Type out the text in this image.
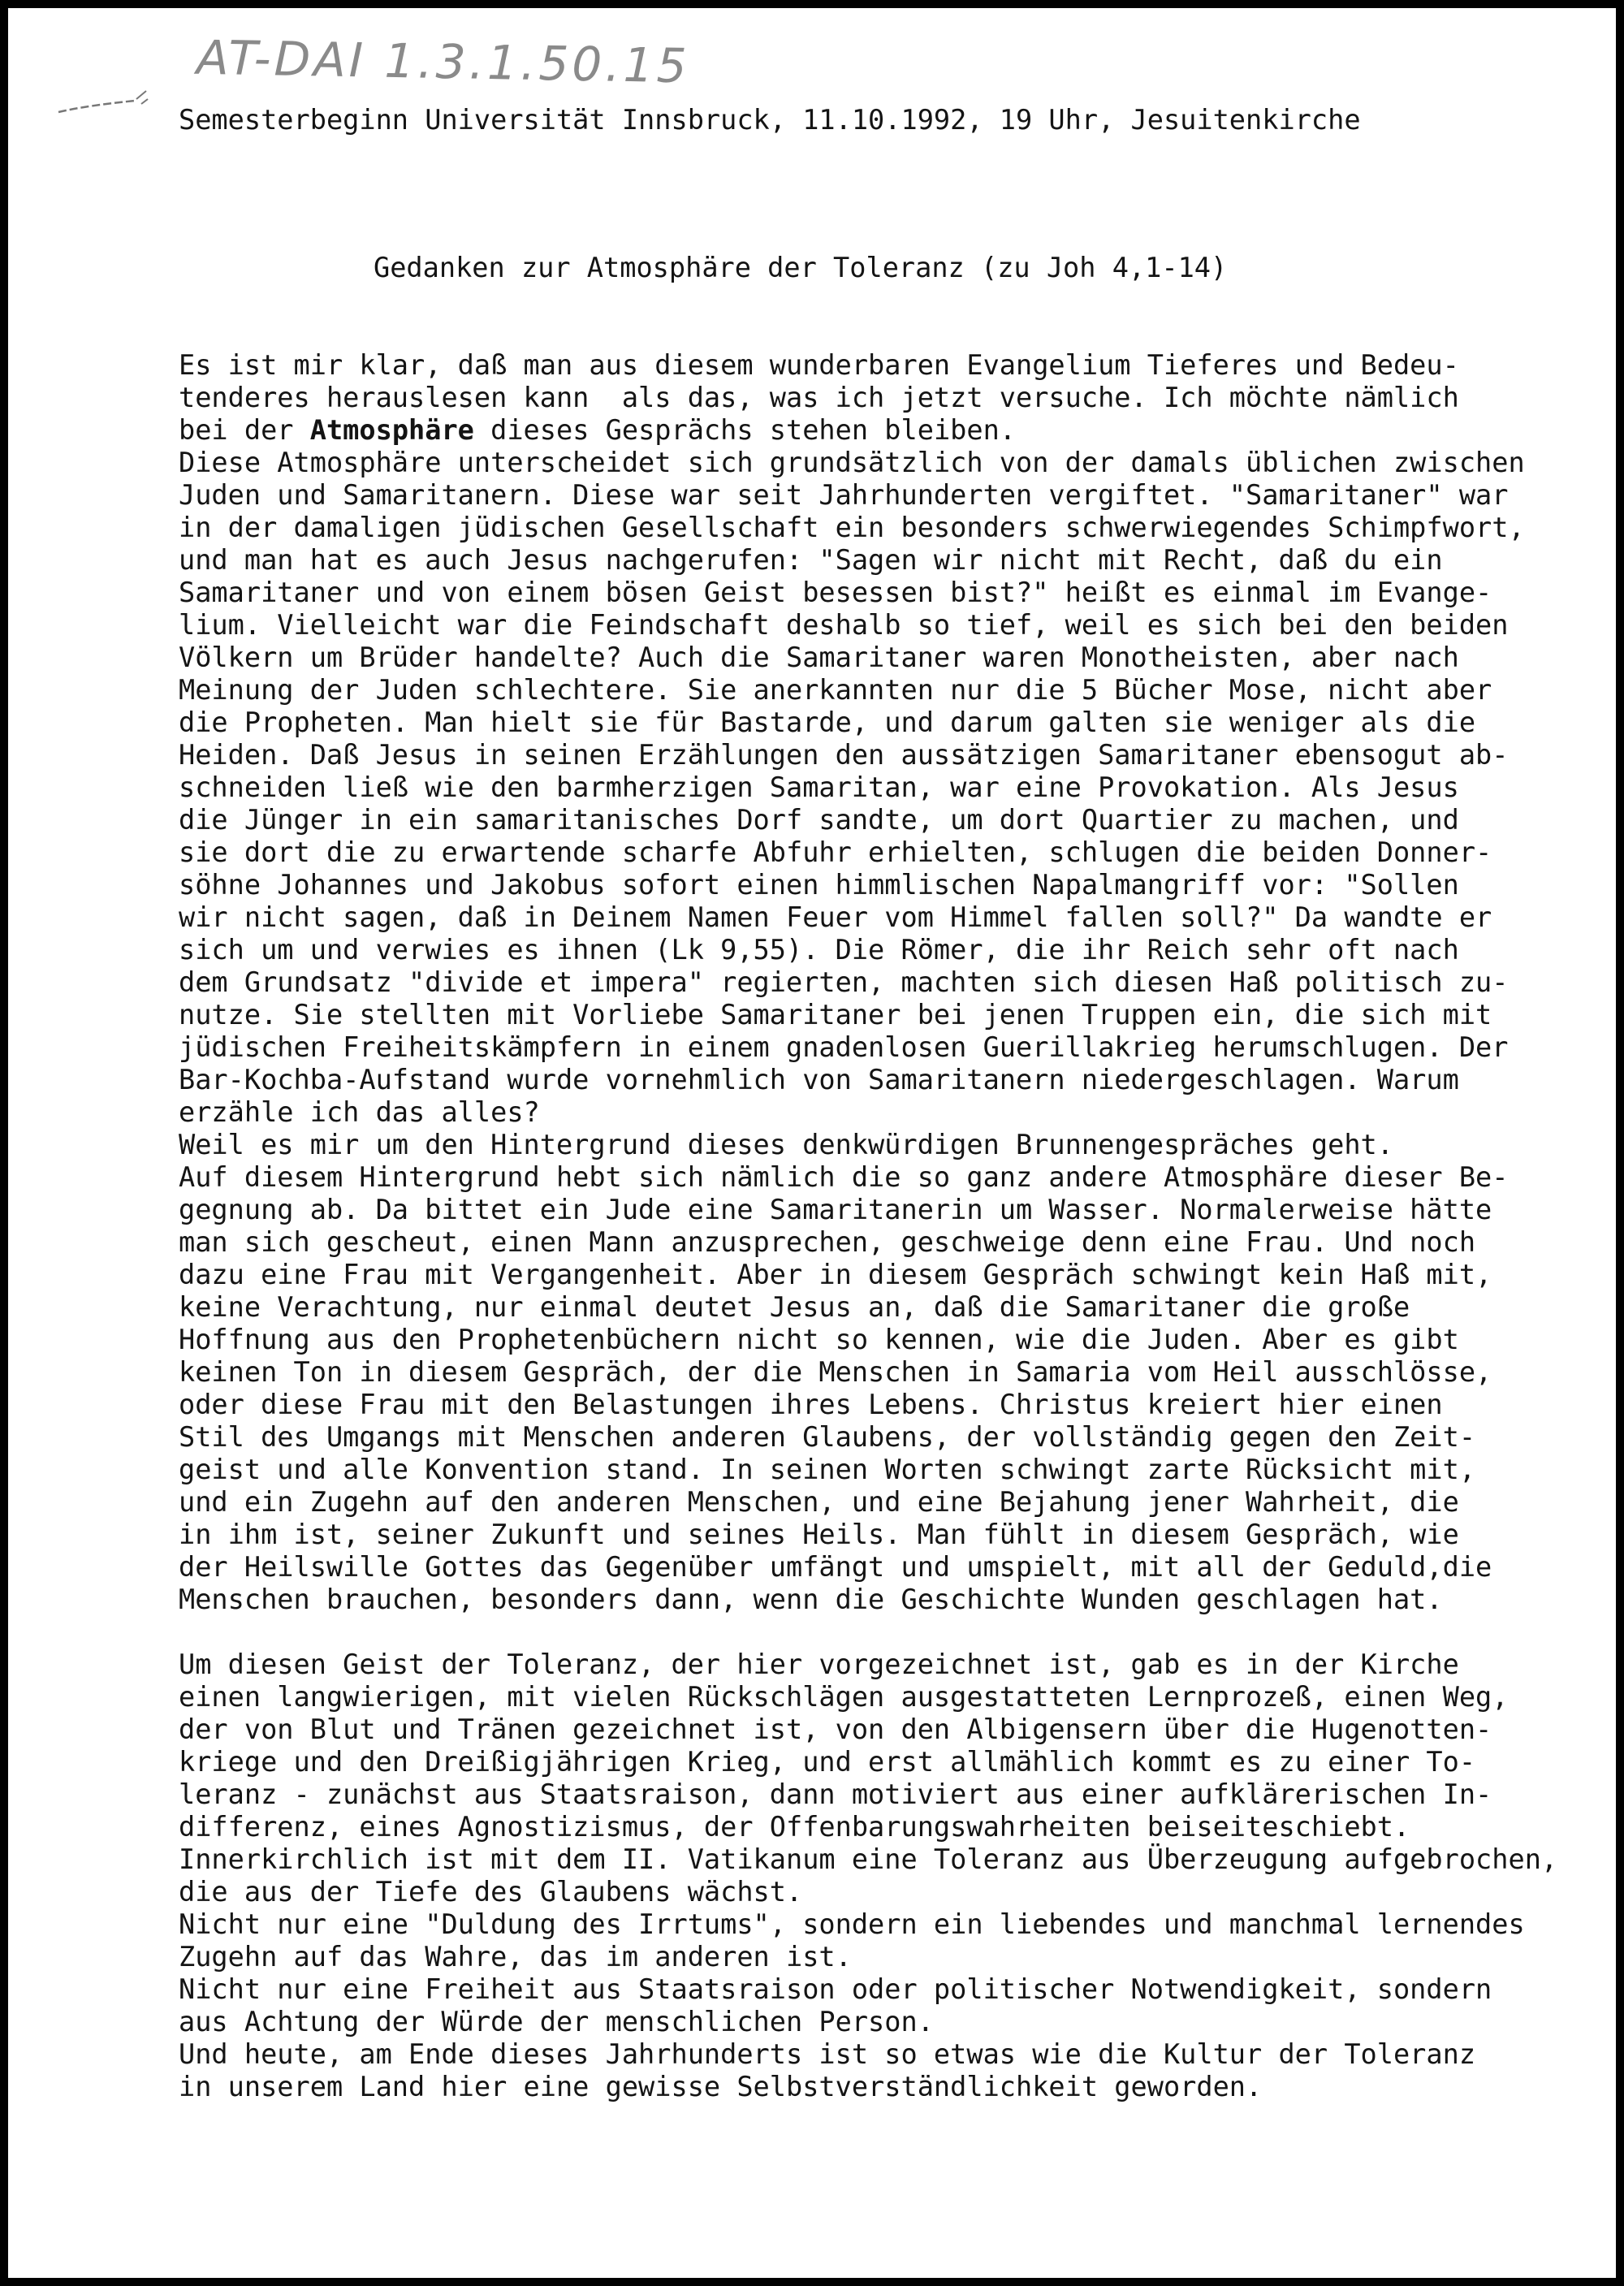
AT-DAI 1.3.1.50.15
Semesterbeginn Universität Innsbruck, 11.10.1992, 19 Uhr, Jesuitenkirche
Gedanken zur Atmosphäre der Toleranz (zu Joh 4,1-14)
Es ist mir klar, daß man aus diesem wunderbaren Evangelium Tieferes und Bedeu-
tenderes herauslesen kann  als das, was ich jetzt versuche. Ich möchte nämlich
bei der Atmosphäre dieses Gesprächs stehen bleiben.
Diese Atmosphäre unterscheidet sich grundsätzlich von der damals üblichen zwischen
Juden und Samaritanern. Diese war seit Jahrhunderten vergiftet. "Samaritaner" war
in der damaligen jüdischen Gesellschaft ein besonders schwerwiegendes Schimpfwort,
und man hat es auch Jesus nachgerufen: "Sagen wir nicht mit Recht, daß du ein
Samaritaner und von einem bösen Geist besessen bist?" heißt es einmal im Evange-
lium. Vielleicht war die Feindschaft deshalb so tief, weil es sich bei den beiden
Völkern um Brüder handelte? Auch die Samaritaner waren Monotheisten, aber nach
Meinung der Juden schlechtere. Sie anerkannten nur die 5 Bücher Mose, nicht aber
die Propheten. Man hielt sie für Bastarde, und darum galten sie weniger als die
Heiden. Daß Jesus in seinen Erzählungen den aussätzigen Samaritaner ebensogut ab-
schneiden ließ wie den barmherzigen Samaritan, war eine Provokation. Als Jesus
die Jünger in ein samaritanisches Dorf sandte, um dort Quartier zu machen, und
sie dort die zu erwartende scharfe Abfuhr erhielten, schlugen die beiden Donner-
söhne Johannes und Jakobus sofort einen himmlischen Napalmangriff vor: "Sollen
wir nicht sagen, daß in Deinem Namen Feuer vom Himmel fallen soll?" Da wandte er
sich um und verwies es ihnen (Lk 9,55). Die Römer, die ihr Reich sehr oft nach
dem Grundsatz "divide et impera" regierten, machten sich diesen Haß politisch zu-
nutze. Sie stellten mit Vorliebe Samaritaner bei jenen Truppen ein, die sich mit
jüdischen Freiheitskämpfern in einem gnadenlosen Guerillakrieg herumschlugen. Der
Bar-Kochba-Aufstand wurde vornehmlich von Samaritanern niedergeschlagen. Warum
erzähle ich das alles?
Weil es mir um den Hintergrund dieses denkwürdigen Brunnengespräches geht.
Auf diesem Hintergrund hebt sich nämlich die so ganz andere Atmosphäre dieser Be-
gegnung ab. Da bittet ein Jude eine Samaritanerin um Wasser. Normalerweise hätte
man sich gescheut, einen Mann anzusprechen, geschweige denn eine Frau. Und noch
dazu eine Frau mit Vergangenheit. Aber in diesem Gespräch schwingt kein Haß mit,
keine Verachtung, nur einmal deutet Jesus an, daß die Samaritaner die große
Hoffnung aus den Prophetenbüchern nicht so kennen, wie die Juden. Aber es gibt
keinen Ton in diesem Gespräch, der die Menschen in Samaria vom Heil ausschlösse,
oder diese Frau mit den Belastungen ihres Lebens. Christus kreiert hier einen
Stil des Umgangs mit Menschen anderen Glaubens, der vollständig gegen den Zeit-
geist und alle Konvention stand. In seinen Worten schwingt zarte Rücksicht mit,
und ein Zugehn auf den anderen Menschen, und eine Bejahung jener Wahrheit, die
in ihm ist, seiner Zukunft und seines Heils. Man fühlt in diesem Gespräch, wie
der Heilswille Gottes das Gegenüber umfängt und umspielt, mit all der Geduld,die
Menschen brauchen, besonders dann, wenn die Geschichte Wunden geschlagen hat.
Um diesen Geist der Toleranz, der hier vorgezeichnet ist, gab es in der Kirche
einen langwierigen, mit vielen Rückschlägen ausgestatteten Lernprozeß, einen Weg,
der von Blut und Tränen gezeichnet ist, von den Albigensern über die Hugenotten-
kriege und den Dreißigjährigen Krieg, und erst allmählich kommt es zu einer To-
leranz - zunächst aus Staatsraison, dann motiviert aus einer aufklärerischen In-
differenz, eines Agnostizismus, der Offenbarungswahrheiten beiseiteschiebt.
Innerkirchlich ist mit dem II. Vatikanum eine Toleranz aus Überzeugung aufgebrochen,
die aus der Tiefe des Glaubens wächst.
Nicht nur eine "Duldung des Irrtums", sondern ein liebendes und manchmal lernendes
Zugehn auf das Wahre, das im anderen ist.
Nicht nur eine Freiheit aus Staatsraison oder politischer Notwendigkeit, sondern
aus Achtung der Würde der menschlichen Person.
Und heute, am Ende dieses Jahrhunderts ist so etwas wie die Kultur der Toleranz
in unserem Land hier eine gewisse Selbstverständlichkeit geworden.
